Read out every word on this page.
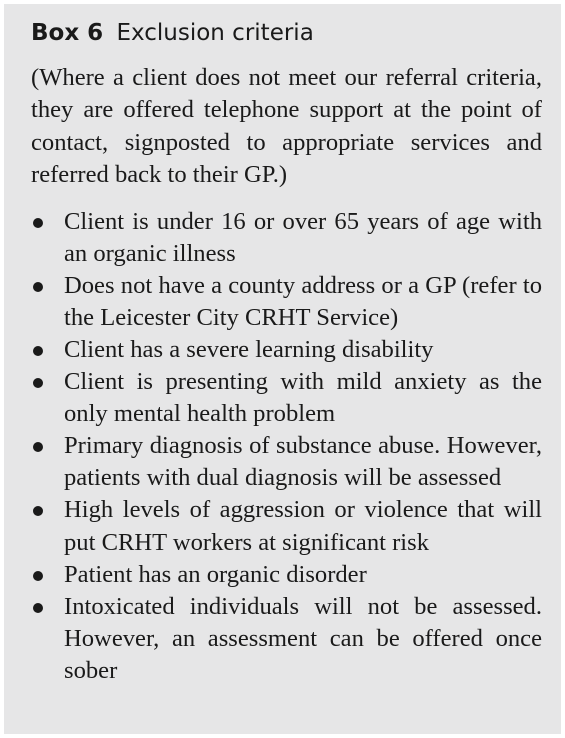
Box 6 Exclusion criteria

(Where a client does not meet our referral criteria, they are offered telephone support at the point of contact, signposted to appropriate services and referred back to their GP.)

Client is under 16 or over 65 years of age with an organic illness
Does not have a county address or a GP (refer to the Leicester City CRHT Service)
Client has a severe learning disability
Client is presenting with mild anxiety as the only mental health problem
Primary diagnosis of substance abuse. However, patients with dual diagnosis will be assessed
High levels of aggression or violence that will put CRHT workers at significant risk
Patient has an organic disorder
Intoxicated individuals will not be assessed. However, an assessment can be offered once sober
